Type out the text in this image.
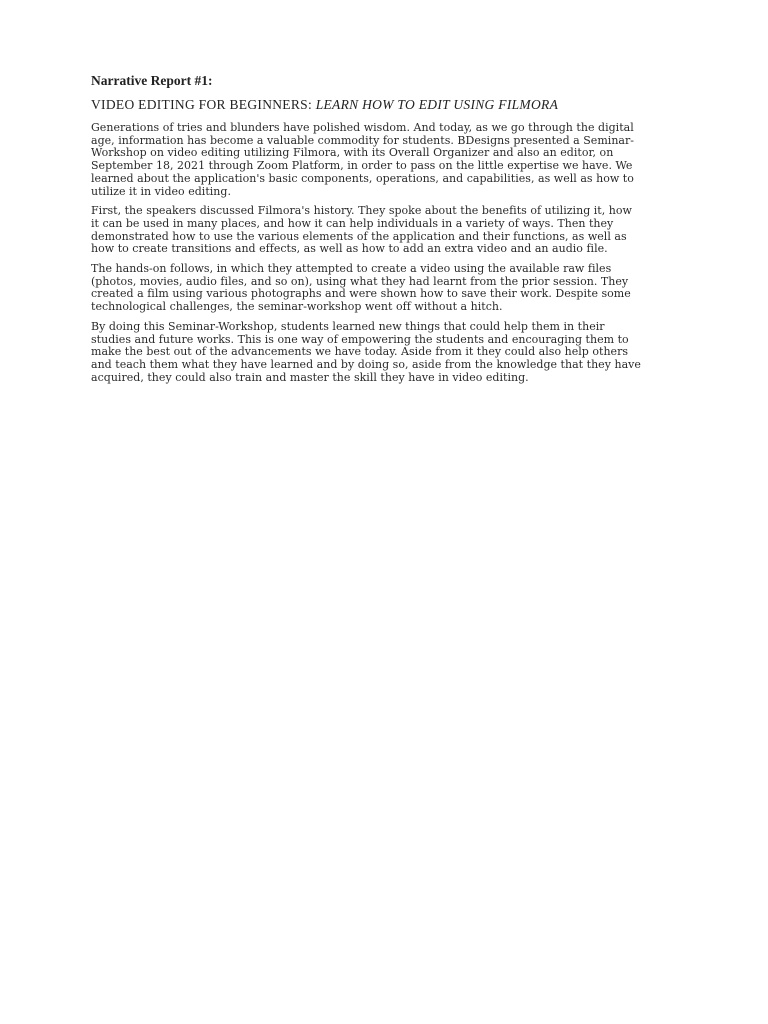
Narrative Report #1:
VIDEO EDITING FOR BEGINNERS: LEARN HOW TO EDIT USING FILMORA

Generations of tries and blunders have polished wisdom. And today, as we go through the digital
age, information has become a valuable commodity for students. BDesigns presented a Seminar-
Workshop on video editing utilizing Filmora, with its Overall Organizer and also an editor, on
September 18, 2021 through Zoom Platform, in order to pass on the little expertise we have. We
learned about the application's basic components, operations, and capabilities, as well as how to
utilize it in video editing.

First, the speakers discussed Filmora's history. They spoke about the benefits of utilizing it, how
it can be used in many places, and how it can help individuals in a variety of ways. Then they
demonstrated how to use the various elements of the application and their functions, as well as
how to create transitions and effects, as well as how to add an extra video and an audio file.

The hands-on follows, in which they attempted to create a video using the available raw files
(photos, movies, audio files, and so on), using what they had learnt from the prior session. They
created a film using various photographs and were shown how to save their work. Despite some
technological challenges, the seminar-workshop went off without a hitch.

By doing this Seminar-Workshop, students learned new things that could help them in their
studies and future works. This is one way of empowering the students and encouraging them to
make the best out of the advancements we have today. Aside from it they could also help others
and teach them what they have learned and by doing so, aside from the knowledge that they have
acquired, they could also train and master the skill they have in video editing.
